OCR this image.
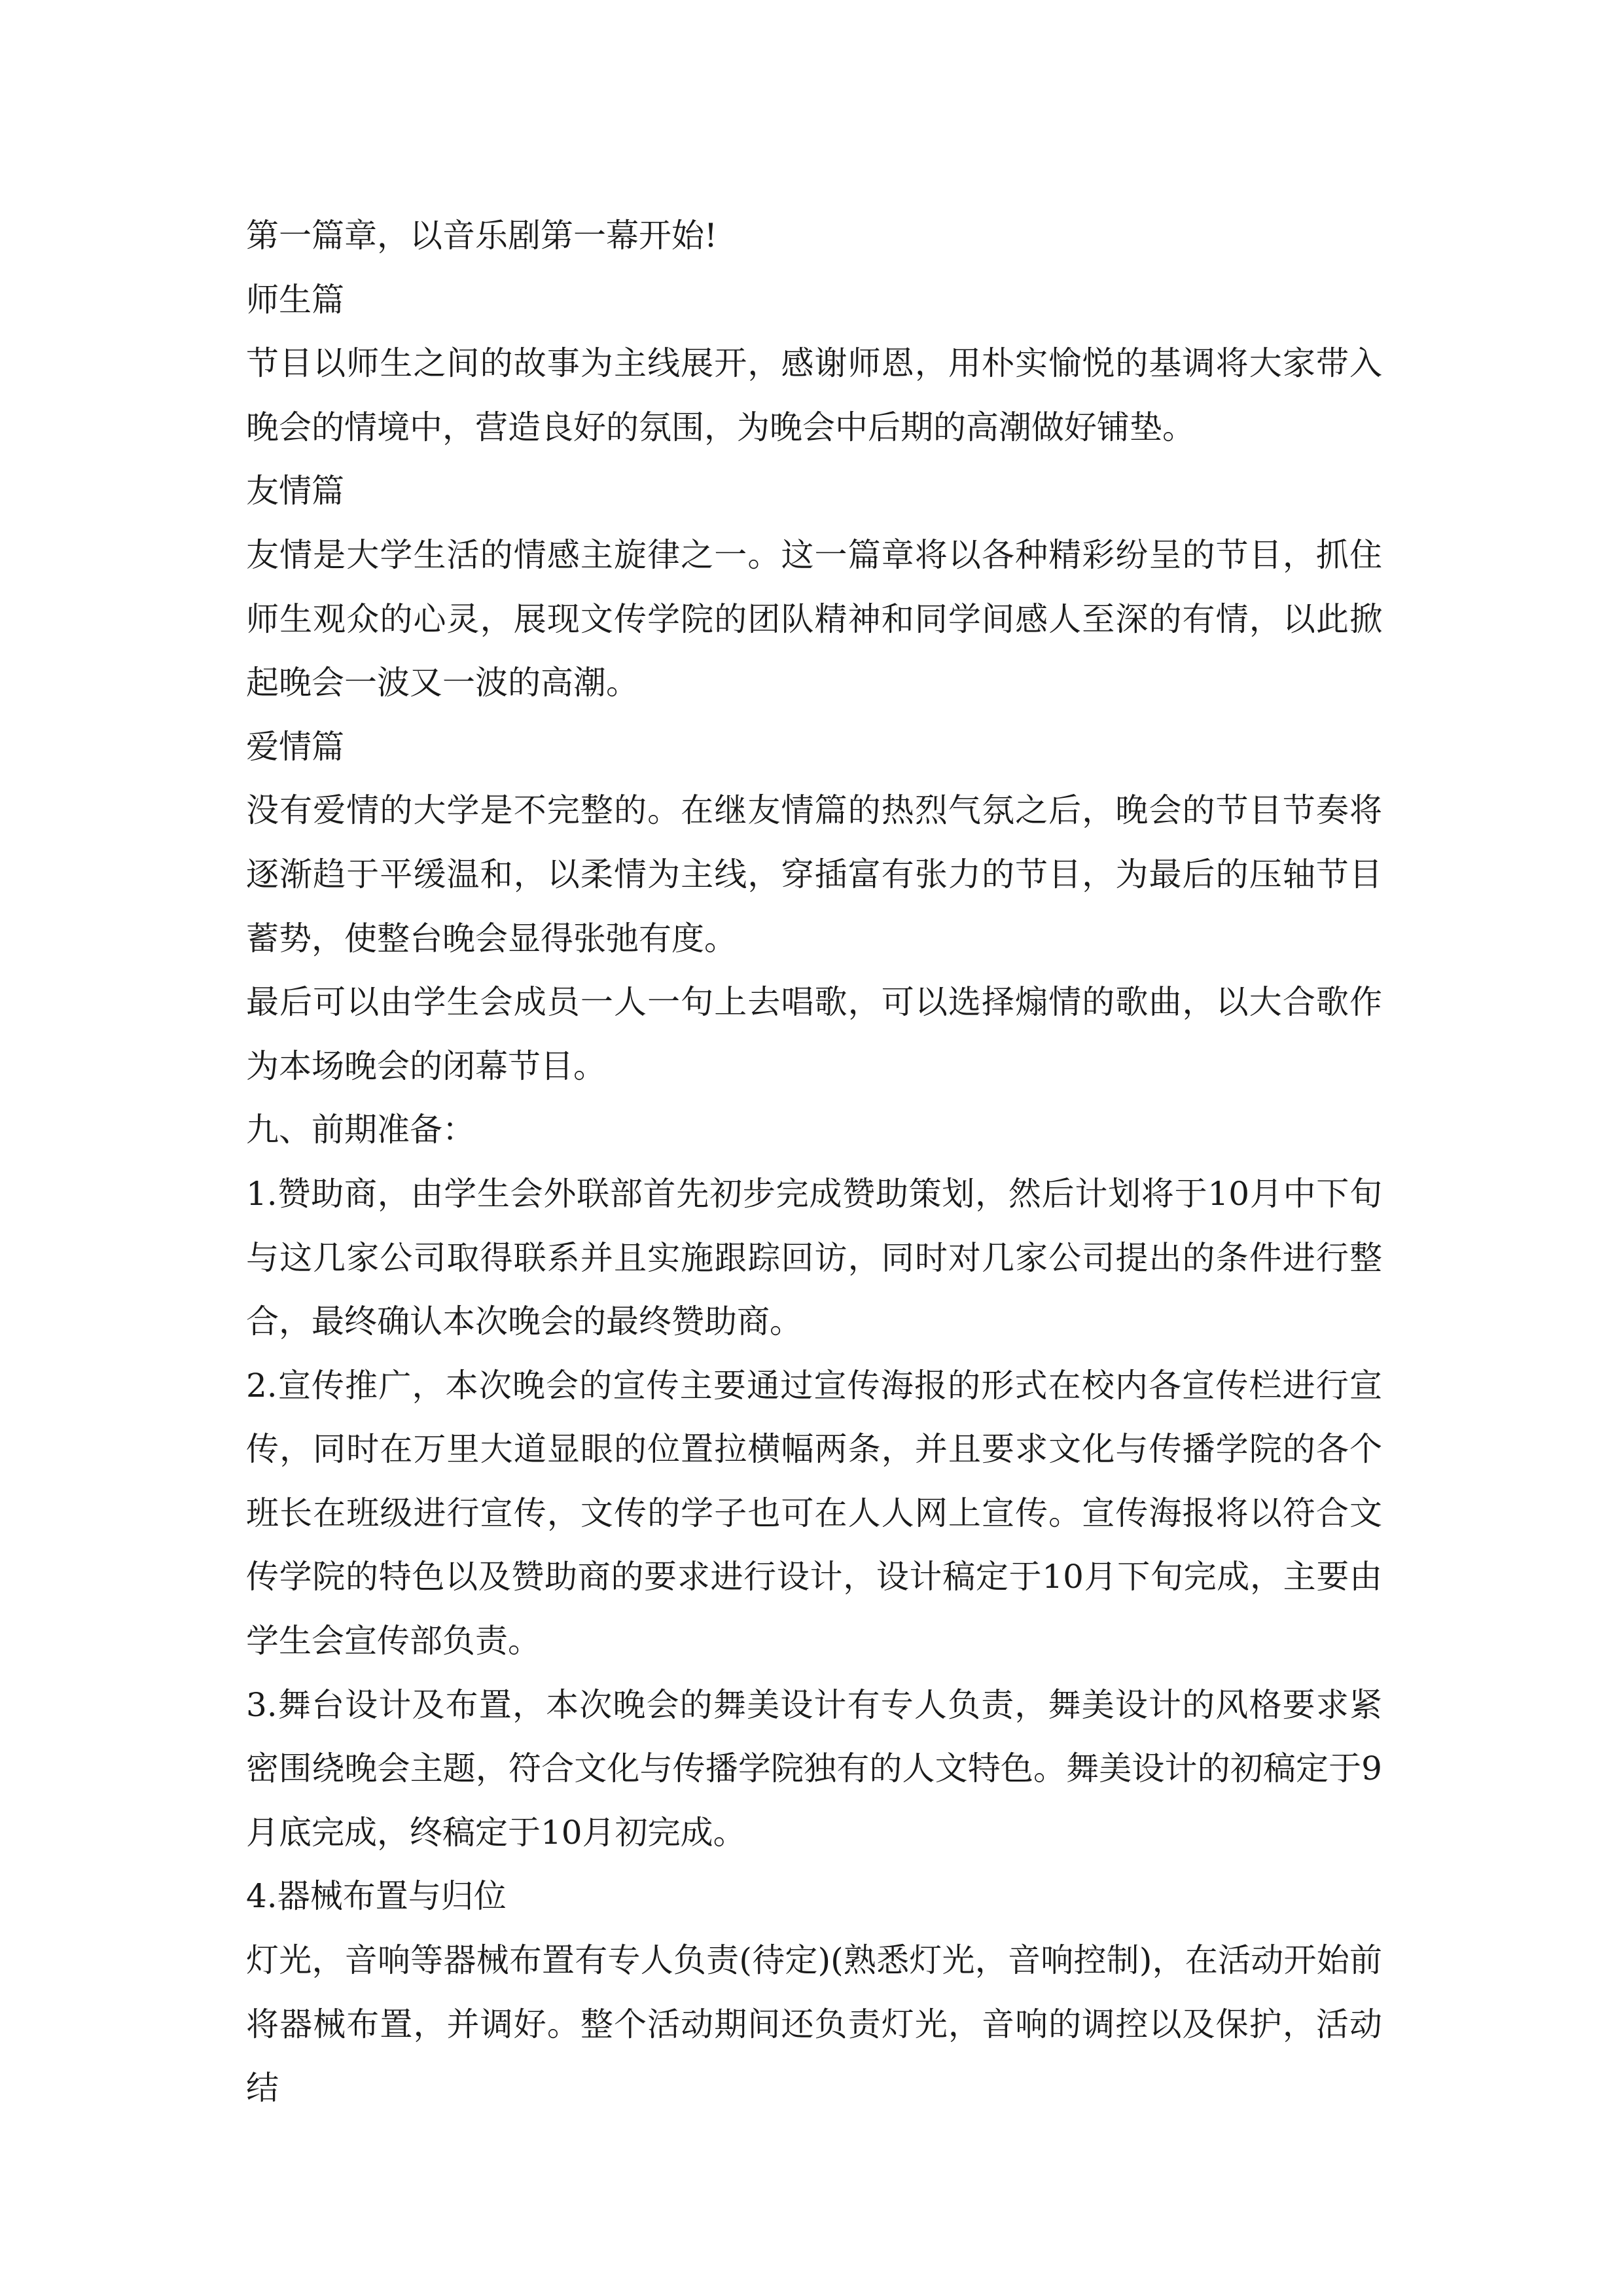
第一篇章，以音乐剧第一幕开始!

师生篇

节目以师生之间的故事为主线展开，感谢师恩，用朴实愉悦的基调将大家带入晚会的情境中，营造良好的氛围，为晚会中后期的高潮做好铺垫。

友情篇

友情是大学生活的情感主旋律之一。这一篇章将以各种精彩纷呈的节目，抓住师生观众的心灵，展现文传学院的团队精神和同学间感人至深的有情，以此掀起晚会一波又一波的高潮。

爱情篇

没有爱情的大学是不完整的。在继友情篇的热烈气氛之后，晚会的节目节奏将逐渐趋于平缓温和，以柔情为主线，穿插富有张力的节目，为最后的压轴节目蓄势，使整台晚会显得张弛有度。

最后可以由学生会成员一人一句上去唱歌，可以选择煽情的歌曲，以大合歌作为本场晚会的闭幕节目。

九、前期准备：

1.赞助商，由学生会外联部首先初步完成赞助策划，然后计划将于10月中下旬与这几家公司取得联系并且实施跟踪回访，同时对几家公司提出的条件进行整合，最终确认本次晚会的最终赞助商。

2.宣传推广，本次晚会的宣传主要通过宣传海报的形式在校内各宣传栏进行宣传，同时在万里大道显眼的位置拉横幅两条，并且要求文化与传播学院的各个班长在班级进行宣传，文传的学子也可在人人网上宣传。宣传海报将以符合文传学院的特色以及赞助商的要求进行设计，设计稿定于10月下旬完成，主要由学生会宣传部负责。

3.舞台设计及布置，本次晚会的舞美设计有专人负责，舞美设计的风格要求紧密围绕晚会主题，符合文化与传播学院独有的人文特色。舞美设计的初稿定于9月底完成，终稿定于10月初完成。

4.器械布置与归位

灯光，音响等器械布置有专人负责(待定)(熟悉灯光，音响控制)，在活动开始前将器械布置，并调好。整个活动期间还负责灯光，音响的调控以及保护，活动结
